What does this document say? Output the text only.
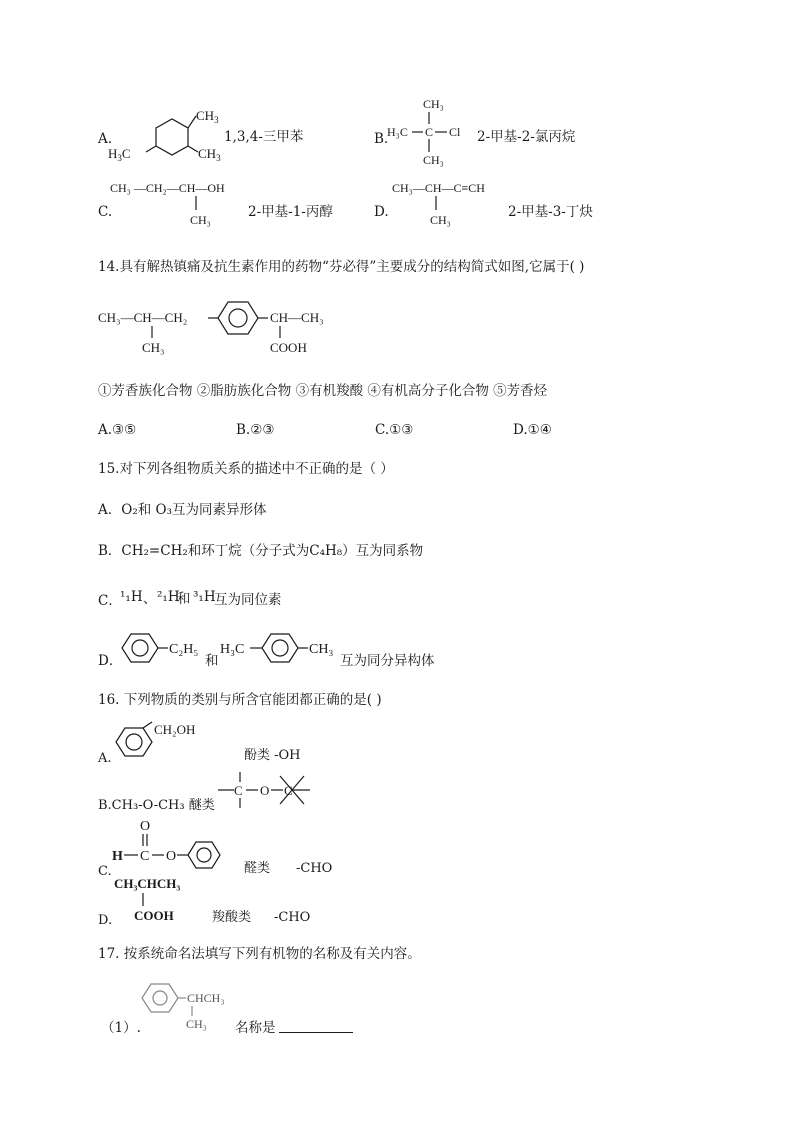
A.
$H_3C$
$CH_3$
$CH_3$
1,3,4-三甲苯	B.
H₃C C Cl
CH₃
CH₃
2-甲基-2-氯丙烷
C.
CH₃ —CH₂—CH—OH
CH₃	2-甲基-1-丙醇	D.
CH₃—CH—C≡CH
CH₃	2-甲基-3-丁炔
14.具有解热镇痛及抗生素作用的药物“芬必得”主要成分的结构简式如图,它属于( )
CH₃—CH—CH₂
CH₃
CH—CH₃
COOH
①芳香族化合物 ②脂肪族化合物 ③有机羧酸 ④有机高分子化合物 ⑤芳香烃
A.③⑤	B.②③	C.①③	D.①④
15.对下列各组物质关系的描述中不正确的是（ ）
A．O₂和 O₃互为同素异形体
B．CH₂=CH₂和环丁烷（分子式为C₄H₈）互为同系物
C．
¹₁H 、 ²₁H
和 ³₁H
互为同位素
D．
C₂H₅
和
H₃C	CH₃
互为同分异构体
16. 下列物质的类别与所含官能团都正确的是( )
A.
CH₂OH
酚类 -OH
B.CH₃-O-CH₃ 醚类
C O C
C.
H C
O
O
醛类 -CHO
CH₃CHCH₃
COOH
D.	羧酸类 -CHO
17. 按系统命名法填写下列有机物的名称及有关内容。
CHCH₃
CH₃
（1）.	名称是
